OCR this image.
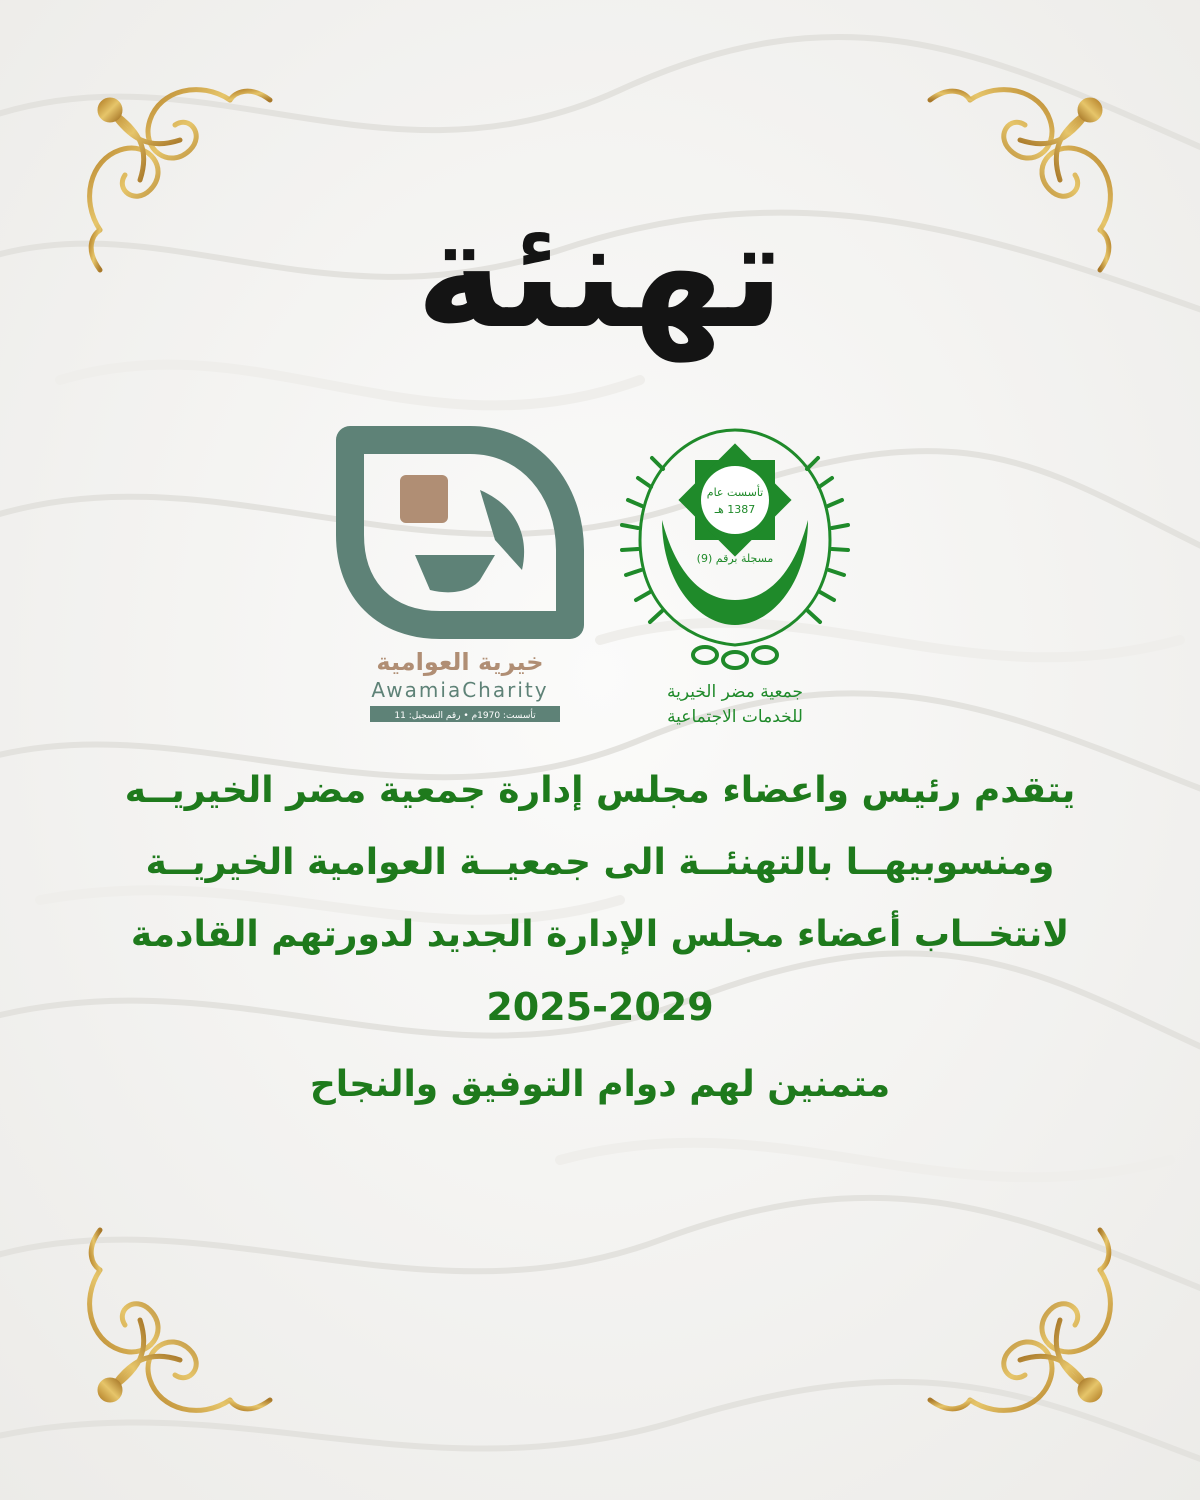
تهنئة
خيرية العوامية
AwamiaCharity
تأسست: 1970م • رقم التسجيل: 11
تأسست عام
1387 هـ
مسجلة برقم (9)
جمعية مضر الخيرية
للخدمات الاجتماعية
يتقدم رئيس واعضاء مجلس إدارة جمعية مضر الخيريــه
ومنسوبيهــا بالتهنئــة الى جمعيــة العوامية الخيريــة
لانتخــاب أعضاء مجلس الإدارة الجديد لدورتهم القادمة
2025-2029
متمنين لهم دوام التوفيق والنجاح
